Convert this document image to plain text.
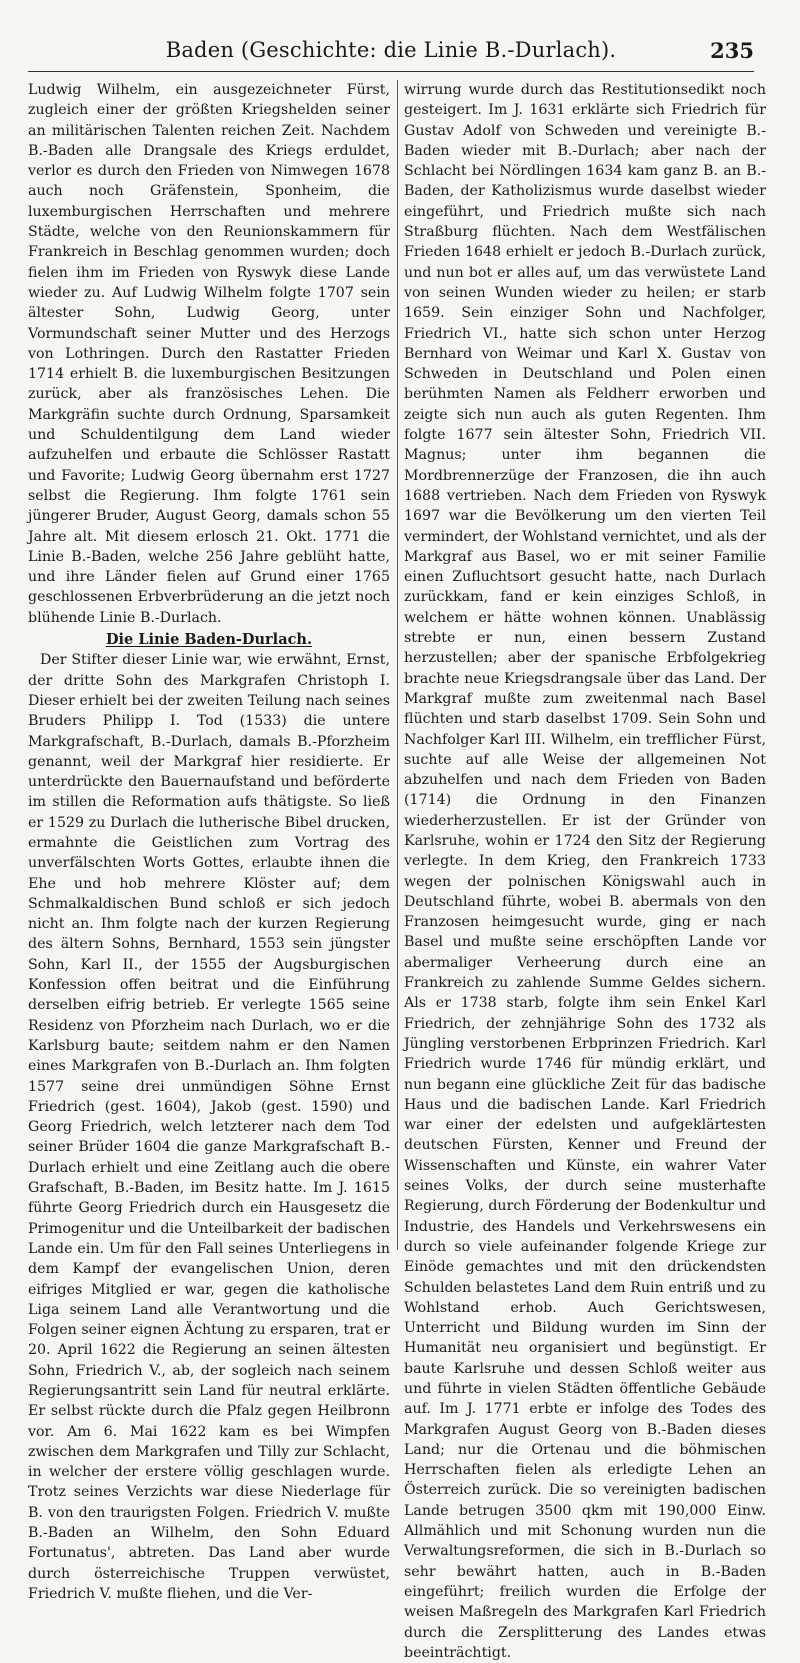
Baden (Geschichte: die Linie B.-Durlach).	235

Ludwig Wilhelm, ein ausgezeichneter Fürst, zugleich einer der größten Kriegshelden seiner an militärischen Talenten reichen Zeit. Nachdem B.-Baden alle Drangsale des Kriegs erduldet, verlor es durch den Frieden von Nimwegen 1678 auch noch Gräfenstein, Sponheim, die luxemburgischen Herrschaften und mehrere Städte, welche von den Reunionskammern für Frankreich in Beschlag genommen wurden; doch fielen ihm im Frieden von Ryswyk diese Lande wieder zu. Auf Ludwig Wilhelm folgte 1707 sein ältester Sohn, Ludwig Georg, unter Vormundschaft seiner Mutter und des Herzogs von Lothringen. Durch den Rastatter Frieden 1714 erhielt B. die luxemburgischen Besitzungen zurück, aber als französisches Lehen. Die Markgräfin suchte durch Ordnung, Sparsamkeit und Schuldentilgung dem Land wieder aufzuhelfen und erbaute die Schlösser Rastatt und Favorite; Ludwig Georg übernahm erst 1727 selbst die Regierung. Ihm folgte 1761 sein jüngerer Bruder, August Georg, damals schon 55 Jahre alt. Mit diesem erlosch 21. Okt. 1771 die Linie B.-Baden, welche 256 Jahre geblüht hatte, und ihre Länder fielen auf Grund einer 1765 geschlossenen Erbverbrüderung an die jetzt noch blühende Linie B.-Durlach.

Die Linie Baden-Durlach.

Der Stifter dieser Linie war, wie erwähnt, Ernst, der dritte Sohn des Markgrafen Christoph I. Dieser erhielt bei der zweiten Teilung nach seines Bruders Philipp I. Tod (1533) die untere Markgrafschaft, B.-Durlach, damals B.-Pforzheim genannt, weil der Markgraf hier residierte. Er unterdrückte den Bauernaufstand und beförderte im stillen die Reformation aufs thätigste. So ließ er 1529 zu Durlach die lutherische Bibel drucken, ermahnte die Geistlichen zum Vortrag des unverfälschten Worts Gottes, erlaubte ihnen die Ehe und hob mehrere Klöster auf; dem Schmalkaldischen Bund schloß er sich jedoch nicht an. Ihm folgte nach der kurzen Regierung des ältern Sohns, Bernhard, 1553 sein jüngster Sohn, Karl II., der 1555 der Augsburgischen Konfession offen beitrat und die Einführung derselben eifrig betrieb. Er verlegte 1565 seine Residenz von Pforzheim nach Durlach, wo er die Karlsburg baute; seitdem nahm er den Namen eines Markgrafen von B.-Durlach an. Ihm folgten 1577 seine drei unmündigen Söhne Ernst Friedrich (gest. 1604), Jakob (gest. 1590) und Georg Friedrich, welch letzterer nach dem Tod seiner Brüder 1604 die ganze Markgrafschaft B.-Durlach erhielt und eine Zeitlang auch die obere Grafschaft, B.-Baden, im Besitz hatte. Im J. 1615 führte Georg Friedrich durch ein Hausgesetz die Primogenitur und die Unteilbarkeit der badischen Lande ein. Um für den Fall seines Unterliegens in dem Kampf der evangelischen Union, deren eifriges Mitglied er war, gegen die katholische Liga seinem Land alle Verantwortung und die Folgen seiner eignen Ächtung zu ersparen, trat er 20. April 1622 die Regierung an seinen ältesten Sohn, Friedrich V., ab, der sogleich nach seinem Regierungsantritt sein Land für neutral erklärte. Er selbst rückte durch die Pfalz gegen Heilbronn vor. Am 6. Mai 1622 kam es bei Wimpfen zwischen dem Markgrafen und Tilly zur Schlacht, in welcher der erstere völlig geschlagen wurde. Trotz seines Verzichts war diese Niederlage für B. von den traurigsten Folgen. Friedrich V. mußte B.-Baden an Wilhelm, den Sohn Eduard Fortunatus', abtreten. Das Land aber wurde durch österreichische Truppen verwüstet, Friedrich V. mußte fliehen, und die Ver-

wirrung wurde durch das Restitutionsedikt noch gesteigert. Im J. 1631 erklärte sich Friedrich für Gustav Adolf von Schweden und vereinigte B.-Baden wieder mit B.-Durlach; aber nach der Schlacht bei Nördlingen 1634 kam ganz B. an B.-Baden, der Katholizismus wurde daselbst wieder eingeführt, und Friedrich mußte sich nach Straßburg flüchten. Nach dem Westfälischen Frieden 1648 erhielt er jedoch B.-Durlach zurück, und nun bot er alles auf, um das verwüstete Land von seinen Wunden wieder zu heilen; er starb 1659. Sein einziger Sohn und Nachfolger, Friedrich VI., hatte sich schon unter Herzog Bernhard von Weimar und Karl X. Gustav von Schweden in Deutschland und Polen einen berühmten Namen als Feldherr erworben und zeigte sich nun auch als guten Regenten. Ihm folgte 1677 sein ältester Sohn, Friedrich VII. Magnus; unter ihm begannen die Mordbrennerzüge der Franzosen, die ihn auch 1688 vertrieben. Nach dem Frieden von Ryswyk 1697 war die Bevölkerung um den vierten Teil vermindert, der Wohlstand vernichtet, und als der Markgraf aus Basel, wo er mit seiner Familie einen Zufluchtsort gesucht hatte, nach Durlach zurückkam, fand er kein einziges Schloß, in welchem er hätte wohnen können. Unablässig strebte er nun, einen bessern Zustand herzustellen; aber der spanische Erbfolgekrieg brachte neue Kriegsdrangsale über das Land. Der Markgraf mußte zum zweitenmal nach Basel flüchten und starb daselbst 1709. Sein Sohn und Nachfolger Karl III. Wilhelm, ein trefflicher Fürst, suchte auf alle Weise der allgemeinen Not abzuhelfen und nach dem Frieden von Baden (1714) die Ordnung in den Finanzen wiederherzustellen. Er ist der Gründer von Karlsruhe, wohin er 1724 den Sitz der Regierung verlegte. In dem Krieg, den Frankreich 1733 wegen der polnischen Königswahl auch in Deutschland führte, wobei B. abermals von den Franzosen heimgesucht wurde, ging er nach Basel und mußte seine erschöpften Lande vor abermaliger Verheerung durch eine an Frankreich zu zahlende Summe Geldes sichern. Als er 1738 starb, folgte ihm sein Enkel Karl Friedrich, der zehnjährige Sohn des 1732 als Jüngling verstorbenen Erbprinzen Friedrich. Karl Friedrich wurde 1746 für mündig erklärt, und nun begann eine glückliche Zeit für das badische Haus und die badischen Lande. Karl Friedrich war einer der edelsten und aufgeklärtesten deutschen Fürsten, Kenner und Freund der Wissenschaften und Künste, ein wahrer Vater seines Volks, der durch seine musterhafte Regierung, durch Förderung der Bodenkultur und Industrie, des Handels und Verkehrswesens ein durch so viele aufeinander folgende Kriege zur Einöde gemachtes und mit den drückendsten Schulden belastetes Land dem Ruin entriß und zu Wohlstand erhob. Auch Gerichtswesen, Unterricht und Bildung wurden im Sinn der Humanität neu organisiert und begünstigt. Er baute Karlsruhe und dessen Schloß weiter aus und führte in vielen Städten öffentliche Gebäude auf. Im J. 1771 erbte er infolge des Todes des Markgrafen August Georg von B.-Baden dieses Land; nur die Ortenau und die böhmischen Herrschaften fielen als erledigte Lehen an Österreich zurück. Die so vereinigten badischen Lande betrugen 3500 qkm mit 190,000 Einw. Allmählich und mit Schonung wurden nun die Verwaltungsreformen, die sich in B.-Durlach so sehr bewährt hatten, auch in B.-Baden eingeführt; freilich wurden die Erfolge der weisen Maßregeln des Markgrafen Karl Friedrich durch die Zersplitterung des Landes etwas beeinträchtigt.
